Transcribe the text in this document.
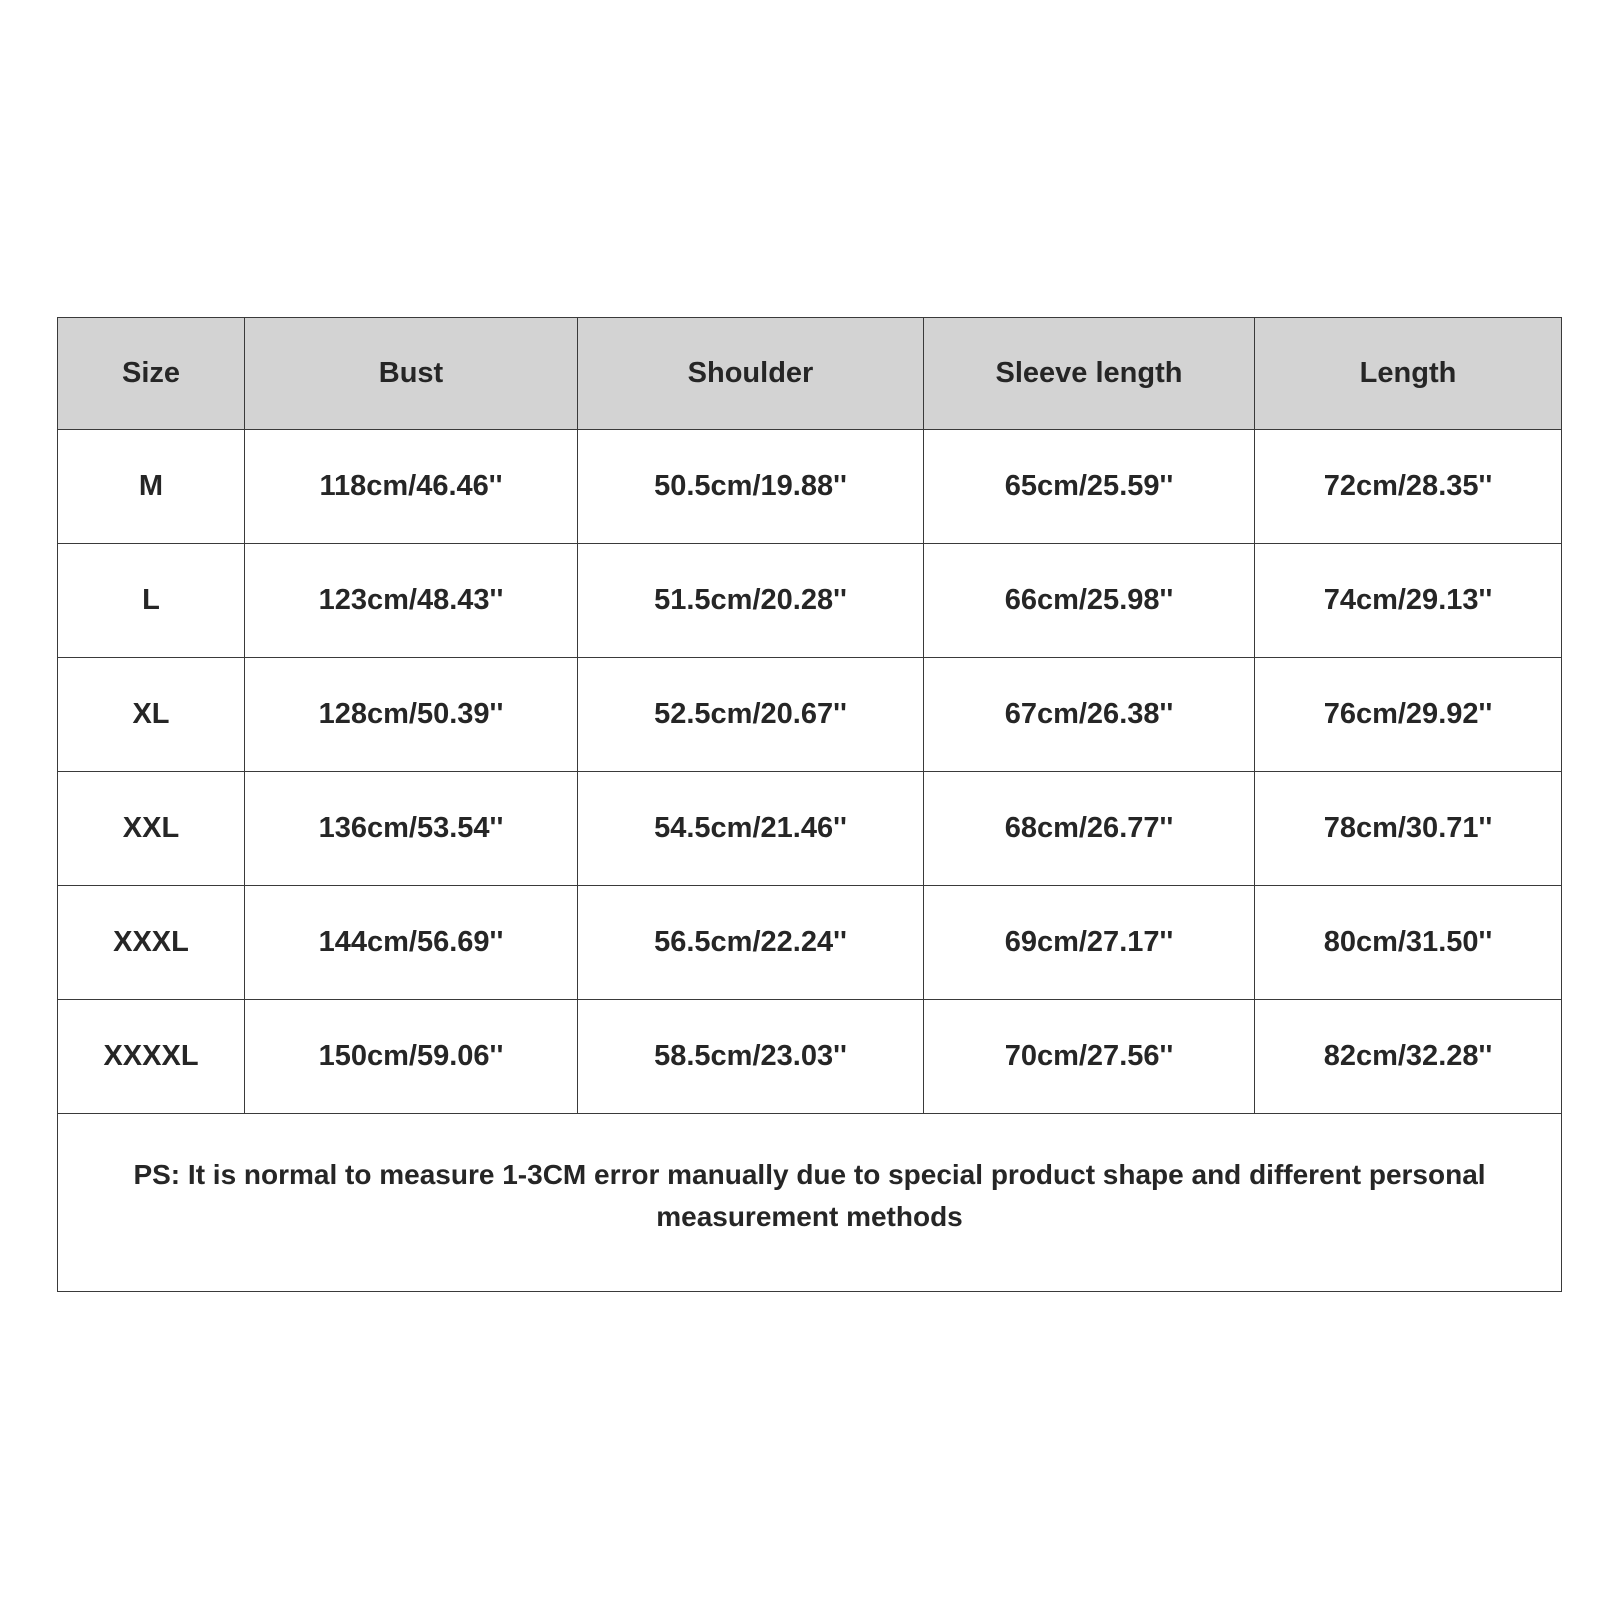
Size	Bust	Shoulder	Sleeve length	Length
M	118cm/46.46''	50.5cm/19.88''	65cm/25.59''	72cm/28.35''
L	123cm/48.43''	51.5cm/20.28''	66cm/25.98''	74cm/29.13''
XL	128cm/50.39''	52.5cm/20.67''	67cm/26.38''	76cm/29.92''
XXL	136cm/53.54''	54.5cm/21.46''	68cm/26.77''	78cm/30.71''
XXXL	144cm/56.69''	56.5cm/22.24''	69cm/27.17''	80cm/31.50''
XXXXL	150cm/59.06''	58.5cm/23.03''	70cm/27.56''	82cm/32.28''
PS: It is normal to measure 1-3CM error manually due to special product shape and different personal measurement methods				
